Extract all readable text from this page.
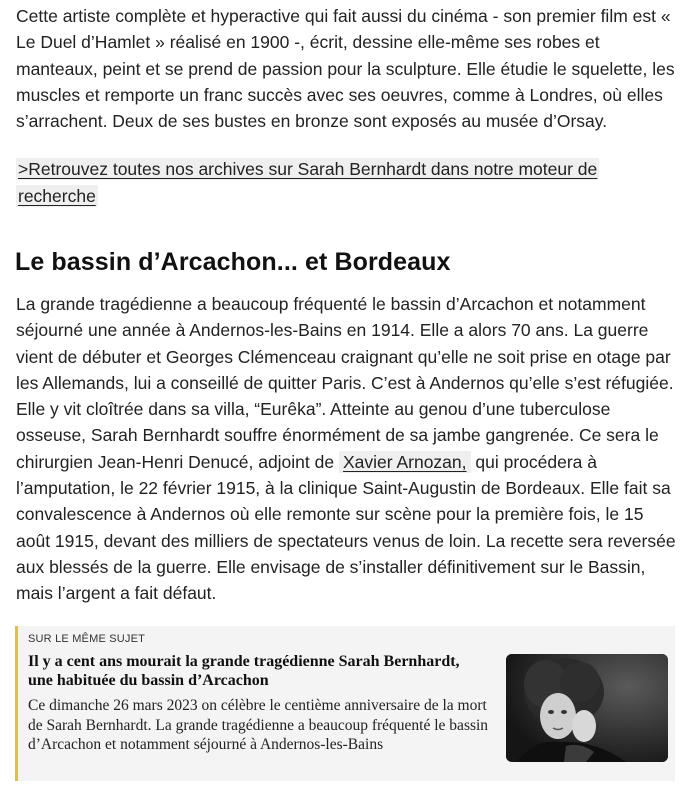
Cette artiste complète et hyperactive qui fait aussi du cinéma - son premier film est « Le Duel d’Hamlet » réalisé en 1900 -, écrit, dessine elle-même ses robes et manteaux, peint et se prend de passion pour la sculpture. Elle étudie le squelette, les muscles et remporte un franc succès avec ses oeuvres, comme à Londres, où elles s’arrachent. Deux de ses bustes en bronze sont exposés au musée d’Orsay.

>Retrouvez toutes nos archives sur Sarah Bernhardt dans notre moteur de recherche
Le bassin d’Arcachon... et Bordeaux

La grande tragédienne a beaucoup fréquenté le bassin d’Arcachon et notamment séjourné une année à Andernos-les-Bains en 1914. Elle a alors 70 ans. La guerre vient de débuter et Georges Clémenceau craignant qu’elle ne soit prise en otage par les Allemands, lui a conseillé de quitter Paris. C’est à Andernos qu’elle s’est réfugiée. Elle y vit cloîtrée dans sa villa, “Eurêka”. Atteinte au genou d’une tuberculose osseuse, Sarah Bernhardt souffre énormément de sa jambe gangrenée. Ce sera le chirurgien Jean-Henri Denucé, adjoint de Xavier Arnozan, qui procédera à l’amputation, le 22 février 1915, à la clinique Saint-Augustin de Bordeaux. Elle fait sa convalescence à Andernos où elle remonte sur scène pour la première fois, le 15 août 1915, devant des milliers de spectateurs venus de loin. La recette sera reversée aux blessés de la guerre. Elle envisage de s’installer définitivement sur le Bassin, mais l’argent a fait défaut.

SUR LE MÊME SUJET
Il y a cent ans mourait la grande tragédienne Sarah Bernhardt, une habituée du bassin d’Arcachon

Ce dimanche 26 mars 2023 on célèbre le centième anniversaire de la mort de Sarah Bernhardt. La grande tragédienne a beaucoup fréquenté le bassin d’Arcachon et notamment séjourné à Andernos-les-Bains
